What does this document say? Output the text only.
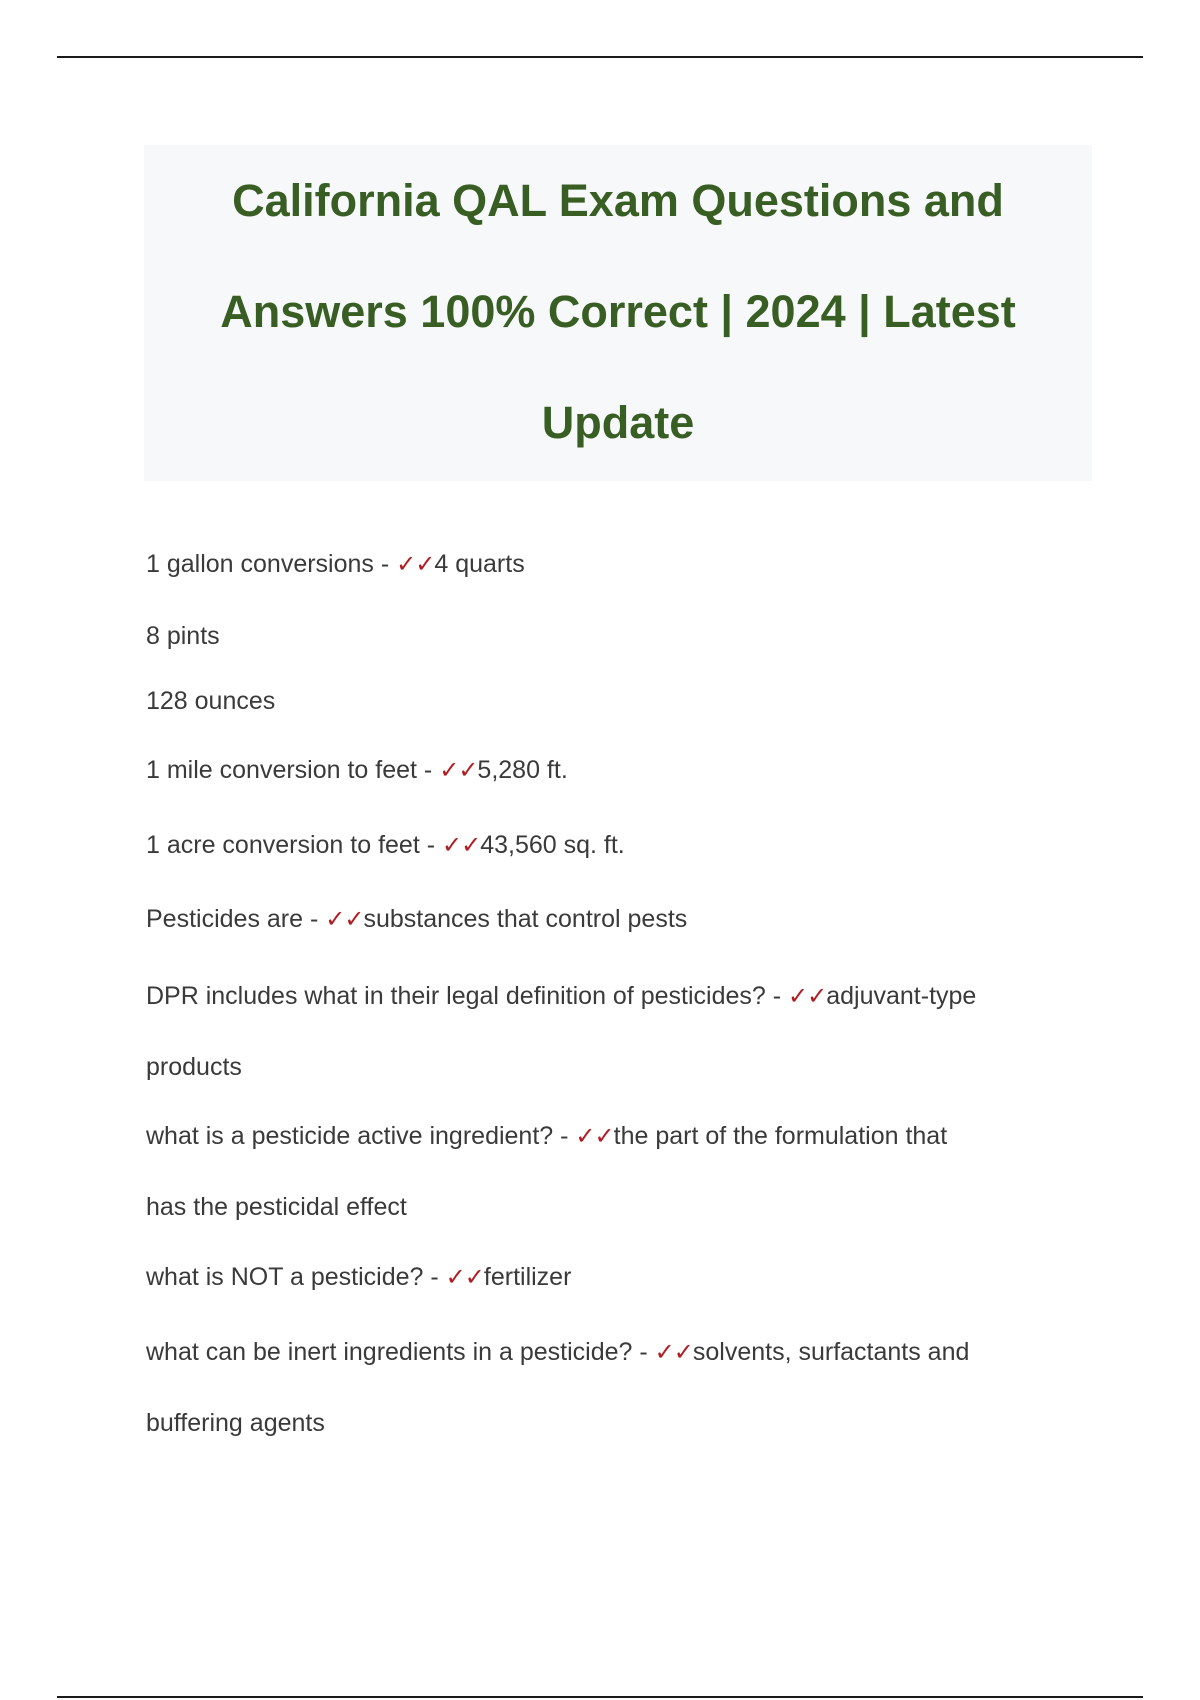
California QAL Exam Questions and
Answers 100% Correct | 2024 | Latest
Update

1 gallon conversions - ✓✓4 quarts

8 pints

128 ounces

1 mile conversion to feet - ✓✓5,280 ft.

1 acre conversion to feet - ✓✓43,560 sq. ft.

Pesticides are - ✓✓substances that control pests

DPR includes what in their legal definition of pesticides? - ✓✓adjuvant-type

products

what is a pesticide active ingredient? - ✓✓the part of the formulation that

has the pesticidal effect

what is NOT a pesticide? - ✓✓fertilizer

what can be inert ingredients in a pesticide? - ✓✓solvents, surfactants and

buffering agents
